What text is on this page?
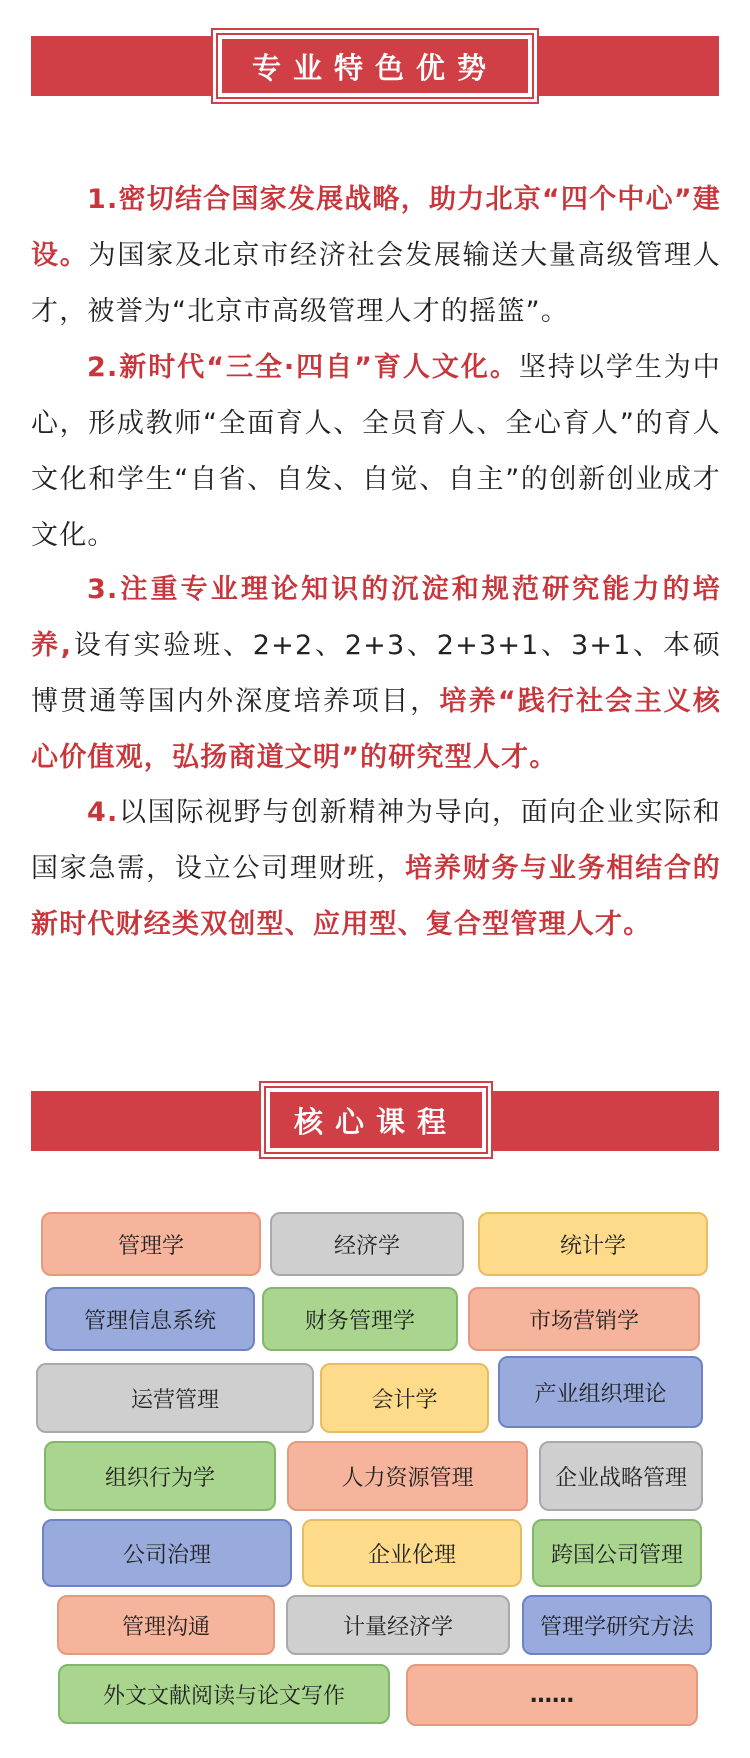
专业特色优势

1.密切结合国家发展战略，助力北京“四个中心”建设。为国家及北京市经济社会发展输送大量高级管理人才，被誉为“北京市高级管理人才的摇篮”。

2.新时代“三全·四自”育人文化。坚持以学生为中心，形成教师“全面育人、全员育人、全心育人”的育人文化和学生“自省、自发、自觉、自主”的创新创业成才文化。

3.注重专业理论知识的沉淀和规范研究能力的培养,设有实验班、2+2、2+3、2+3+1、3+1、本硕博贯通等国内外深度培养项目，培养“践行社会主义核心价值观，弘扬商道文明”的研究型人才。

4.以国际视野与创新精神为导向，面向企业实际和国家急需，设立公司理财班，培养财务与业务相结合的新时代财经类双创型、应用型、复合型管理人才。

核心课程
管理学	经济学	统计学
管理信息系统	财务管理学	市场营销学
运营管理	会计学	产业组织理论
组织行为学	人力资源管理	企业战略管理
公司治理	企业伦理	跨国公司管理
管理沟通	计量经济学	管理学研究方法
外文文献阅读与论文写作	……
